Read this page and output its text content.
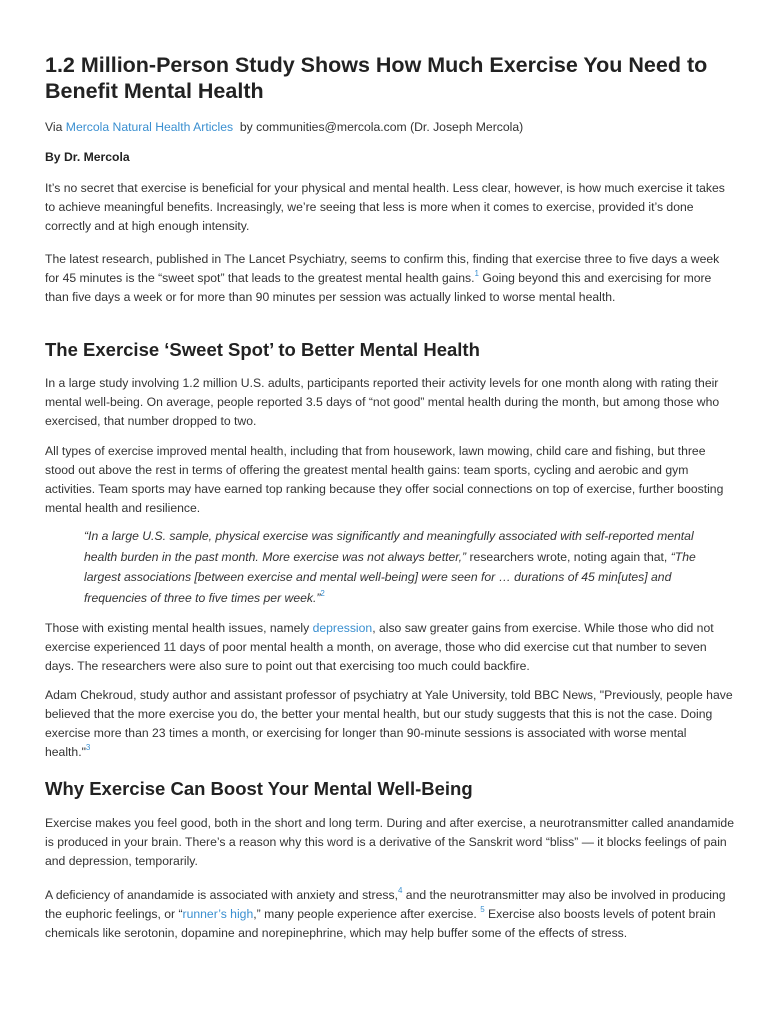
1.2 Million-Person Study Shows How Much Exercise You Need to Benefit Mental Health

Via Mercola Natural Health Articles by communities@mercola.com (Dr. Joseph Mercola)

By Dr. Mercola

It’s no secret that exercise is beneficial for your physical and mental health. Less clear, however, is how much exercise it takes to achieve meaningful benefits. Increasingly, we’re seeing that less is more when it comes to exercise, provided it’s done correctly and at high enough intensity.

The latest research, published in The Lancet Psychiatry, seems to confirm this, finding that exercise three to five days a week for 45 minutes is the “sweet spot” that leads to the greatest mental health gains.$^1$ Going beyond this and exercising for more than five days a week or for more than 90 minutes per session was actually linked to worse mental health.

The Exercise ‘Sweet Spot’ to Better Mental Health

In a large study involving 1.2 million U.S. adults, participants reported their activity levels for one month along with rating their mental well-being. On average, people reported 3.5 days of “not good” mental health during the month, but among those who exercised, that number dropped to two.

All types of exercise improved mental health, including that from housework, lawn mowing, child care and fishing, but three stood out above the rest in terms of offering the greatest mental health gains: team sports, cycling and aerobic and gym activities. Team sports may have earned top ranking because they offer social connections on top of exercise, further boosting mental health and resilience.

“In a large U.S. sample, physical exercise was significantly and meaningfully associated with self-reported mental health burden in the past month. More exercise was not always better,” researchers wrote, noting again that, “The largest associations [between exercise and mental well-being] were seen for … durations of 45 min[utes] and frequencies of three to five times per week.”$^2$

Those with existing mental health issues, namely depression, also saw greater gains from exercise. While those who did not exercise experienced 11 days of poor mental health a month, on average, those who did exercise cut that number to seven days. The researchers were also sure to point out that exercising too much could backfire.

Adam Chekroud, study author and assistant professor of psychiatry at Yale University, told BBC News, "Previously, people have believed that the more exercise you do, the better your mental health, but our study suggests that this is not the case. Doing exercise more than 23 times a month, or exercising for longer than 90-minute sessions is associated with worse mental health."$^3$

Why Exercise Can Boost Your Mental Well-Being

Exercise makes you feel good, both in the short and long term. During and after exercise, a neurotransmitter called anandamide is produced in your brain. There’s a reason why this word is a derivative of the Sanskrit word “bliss” — it blocks feelings of pain and depression, temporarily.

A deficiency of anandamide is associated with anxiety and stress,$^4$ and the neurotransmitter may also be involved in producing the euphoric feelings, or “runner’s high,” many people experience after exercise. $^5$ Exercise also boosts levels of potent brain chemicals like serotonin, dopamine and norepinephrine, which may help buffer some of the effects of stress.
